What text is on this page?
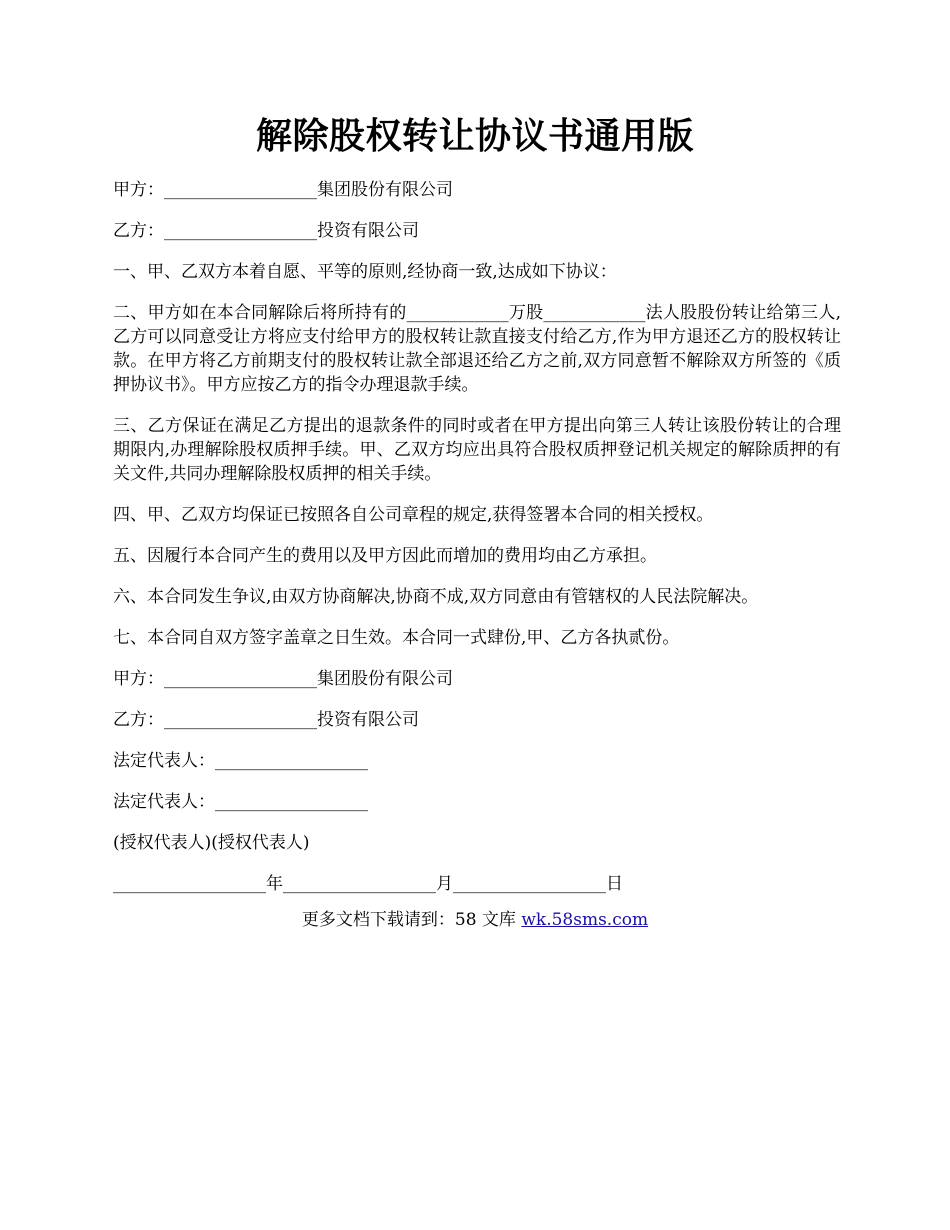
解除股权转让协议书通用版

甲方：__________________集团股份有限公司

乙方：__________________投资有限公司

一、甲、乙双方本着自愿、平等的原则,经协商一致,达成如下协议：

二、甲方如在本合同解除后将所持有的____________万股____________法人股股份转让给第三人,乙方可以同意受让方将应支付给甲方的股权转让款直接支付给乙方,作为甲方退还乙方的股权转让款。在甲方将乙方前期支付的股权转让款全部退还给乙方之前,双方同意暂不解除双方所签的《质押协议书》。甲方应按乙方的指令办理退款手续。

三、乙方保证在满足乙方提出的退款条件的同时或者在甲方提出向第三人转让该股份转让的合理期限内,办理解除股权质押手续。甲、乙双方均应出具符合股权质押登记机关规定的解除质押的有关文件,共同办理解除股权质押的相关手续。

四、甲、乙双方均保证已按照各自公司章程的规定,获得签署本合同的相关授权。

五、因履行本合同产生的费用以及甲方因此而增加的费用均由乙方承担。

六、本合同发生争议,由双方协商解决,协商不成,双方同意由有管辖权的人民法院解决。

七、本合同自双方签字盖章之日生效。本合同一式肆份,甲、乙方各执贰份。

甲方：__________________集团股份有限公司

乙方：__________________投资有限公司

法定代表人：__________________

法定代表人：__________________

(授权代表人)(授权代表人)

__________________年__________________月__________________日

更多文档下载请到：58 文库 wk.58sms.com
